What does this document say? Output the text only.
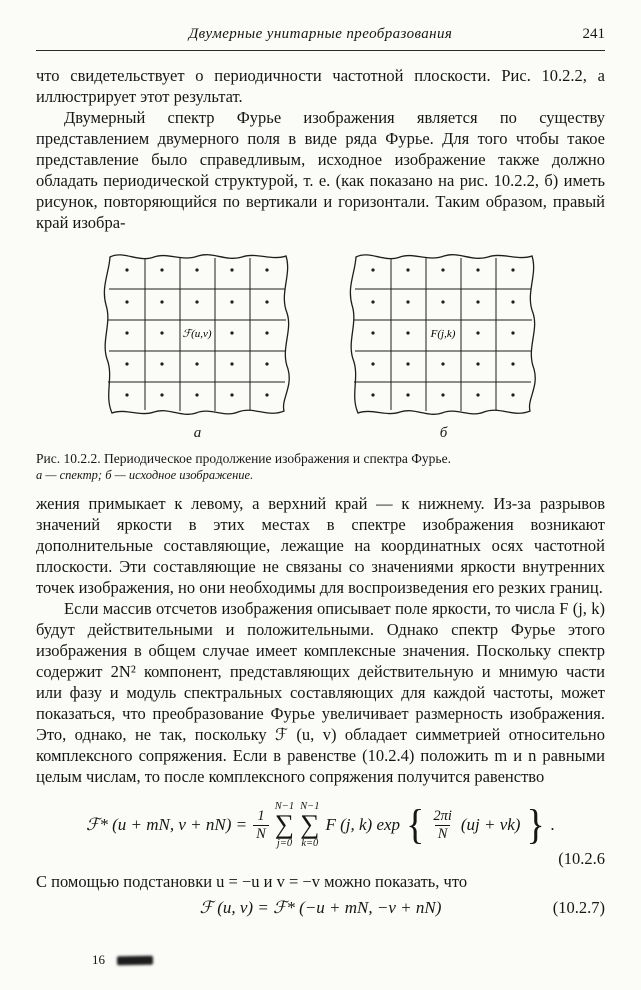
Двумерные унитарные преобразования	241

что свидетельствует о периодичности частотной плоскости. Рис. 10.2.2, а иллюстрирует этот результат.

Двумерный спектр Фурье изображения является по существу представлением двумерного поля в виде ряда Фурье. Для того чтобы такое представление было справедливым, исходное изображение также должно обладать периодической структурой, т. е. (как показано на рис. 10.2.2, б) иметь рисунок, повторяющийся по вертикали и горизонтали. Таким образом, правый край изобра-

ℱ(u,v)
а
F(j,k)
б
Рис. 10.2.2. Периодическое продолжение изображения и спектра Фурье.
а — спектр; б — исходное изображение.

жения примыкает к левому, а верхний край — к нижнему. Из-за разрывов значений яркости в этих местах в спектре изображения возникают дополнительные составляющие, лежащие на координатных осях частотной плоскости. Эти составляющие не связаны со значениями яркости внутренних точек изображения, но они необходимы для воспроизведения его резких границ.

Если массив отсчетов изображения описывает поле яркости, то числа F (j, k) будут действительными и положительными. Однако спектр Фурье этого изображения в общем случае имеет комплексные значения. Поскольку спектр содержит 2N² компонент, представляющих действительную и мнимую части или фазу и модуль спектральных составляющих для каждой частоты, может показаться, что преобразование Фурье увеличивает размерность изображения. Это, однако, не так, поскольку ℱ (u, v) обладает симметрией относительно комплексного сопряжения. Если в равенстве (10.2.4) положить m и n равными целым числам, то после комплексного сопряжения получится равенство

ℱ* (u + mN, $v + nN) = \frac{1}{N}$
N−1
∑
j=0
N−1
∑
k=0
F (j, k) exp { $\frac{2\pi i}{N} (uj + vk)$ } .
(10.2.6

С помощью подстановки u = −u и v = −v можно показать, что

ℱ (u, v) = ℱ* (−u + mN, −v + nN)	(10.2.7)
16
